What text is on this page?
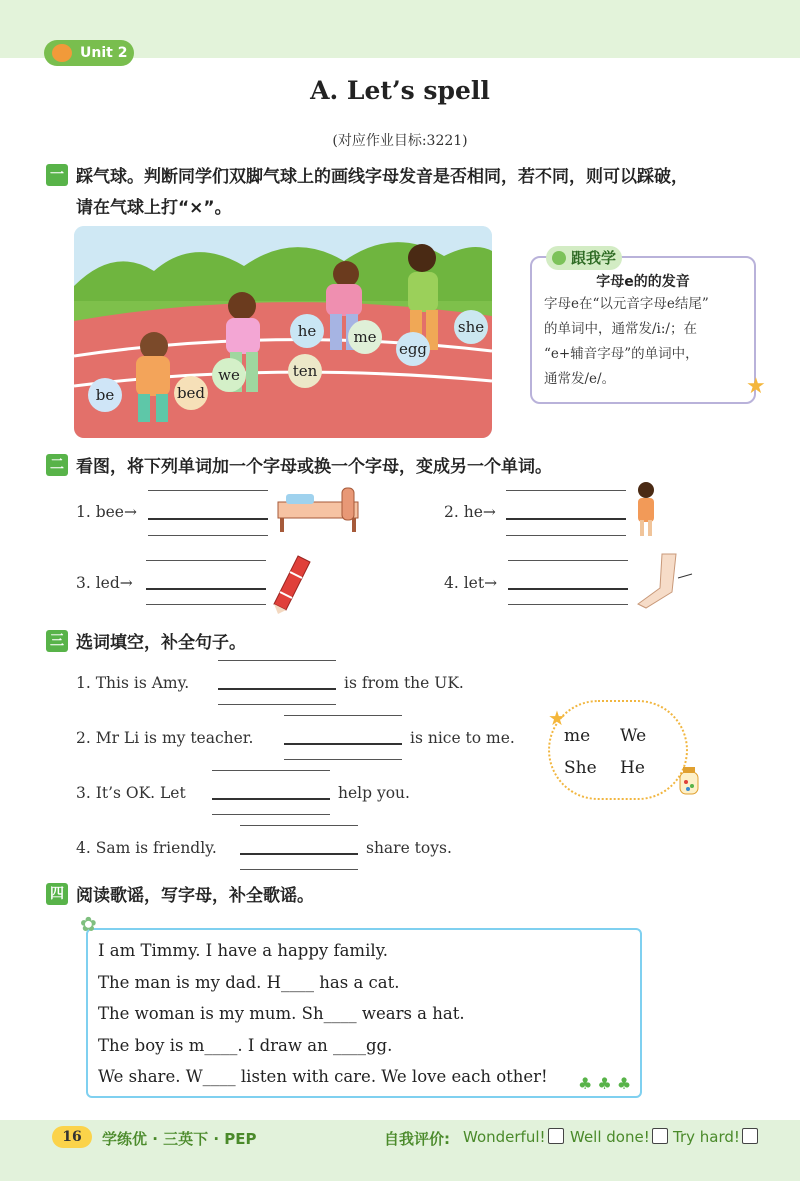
Unit 2
A. Let’s spell
(对应作业目标:3221)
一 踩气球。判断同学们双脚气球上的画线字母发音是否相同，若不同，则可以踩破，
请在气球上打“×”。
be	bed
we	ten
he	me
egg
she
跟我学
字母e的的发音
字母e在“以元音字母e结尾”
的单词中，通常发/i:/；在
“e+辅音字母”的单词中，
通常发/e/。	★
二 看图，将下列单词加一个字母或换一个字母，变成另一个单词。
1. bee→	2. he→
3. led→	4. let→
三 选词填空，补全句子。
1. This is Amy.	is from the UK.
2. Mr Li is my teacher.	is nice to me.
3. It’s OK. Let	help you.
4. Sam is friendly.	share toys.
★
me We
She He
四 阅读歌谣，写字母，补全歌谣。
✿
I am Timmy. I have a happy family.
The man is my dad. H____ has a cat.
The woman is my mum. Sh____ wears a hat.
The boy is m____. I draw an ____gg.
We share. W____ listen with care. We love each other! ♣ ♣ ♣
16	学练优 · 三英下 · PEP	自我评价: Wonderful!	Well done!	Try hard!
